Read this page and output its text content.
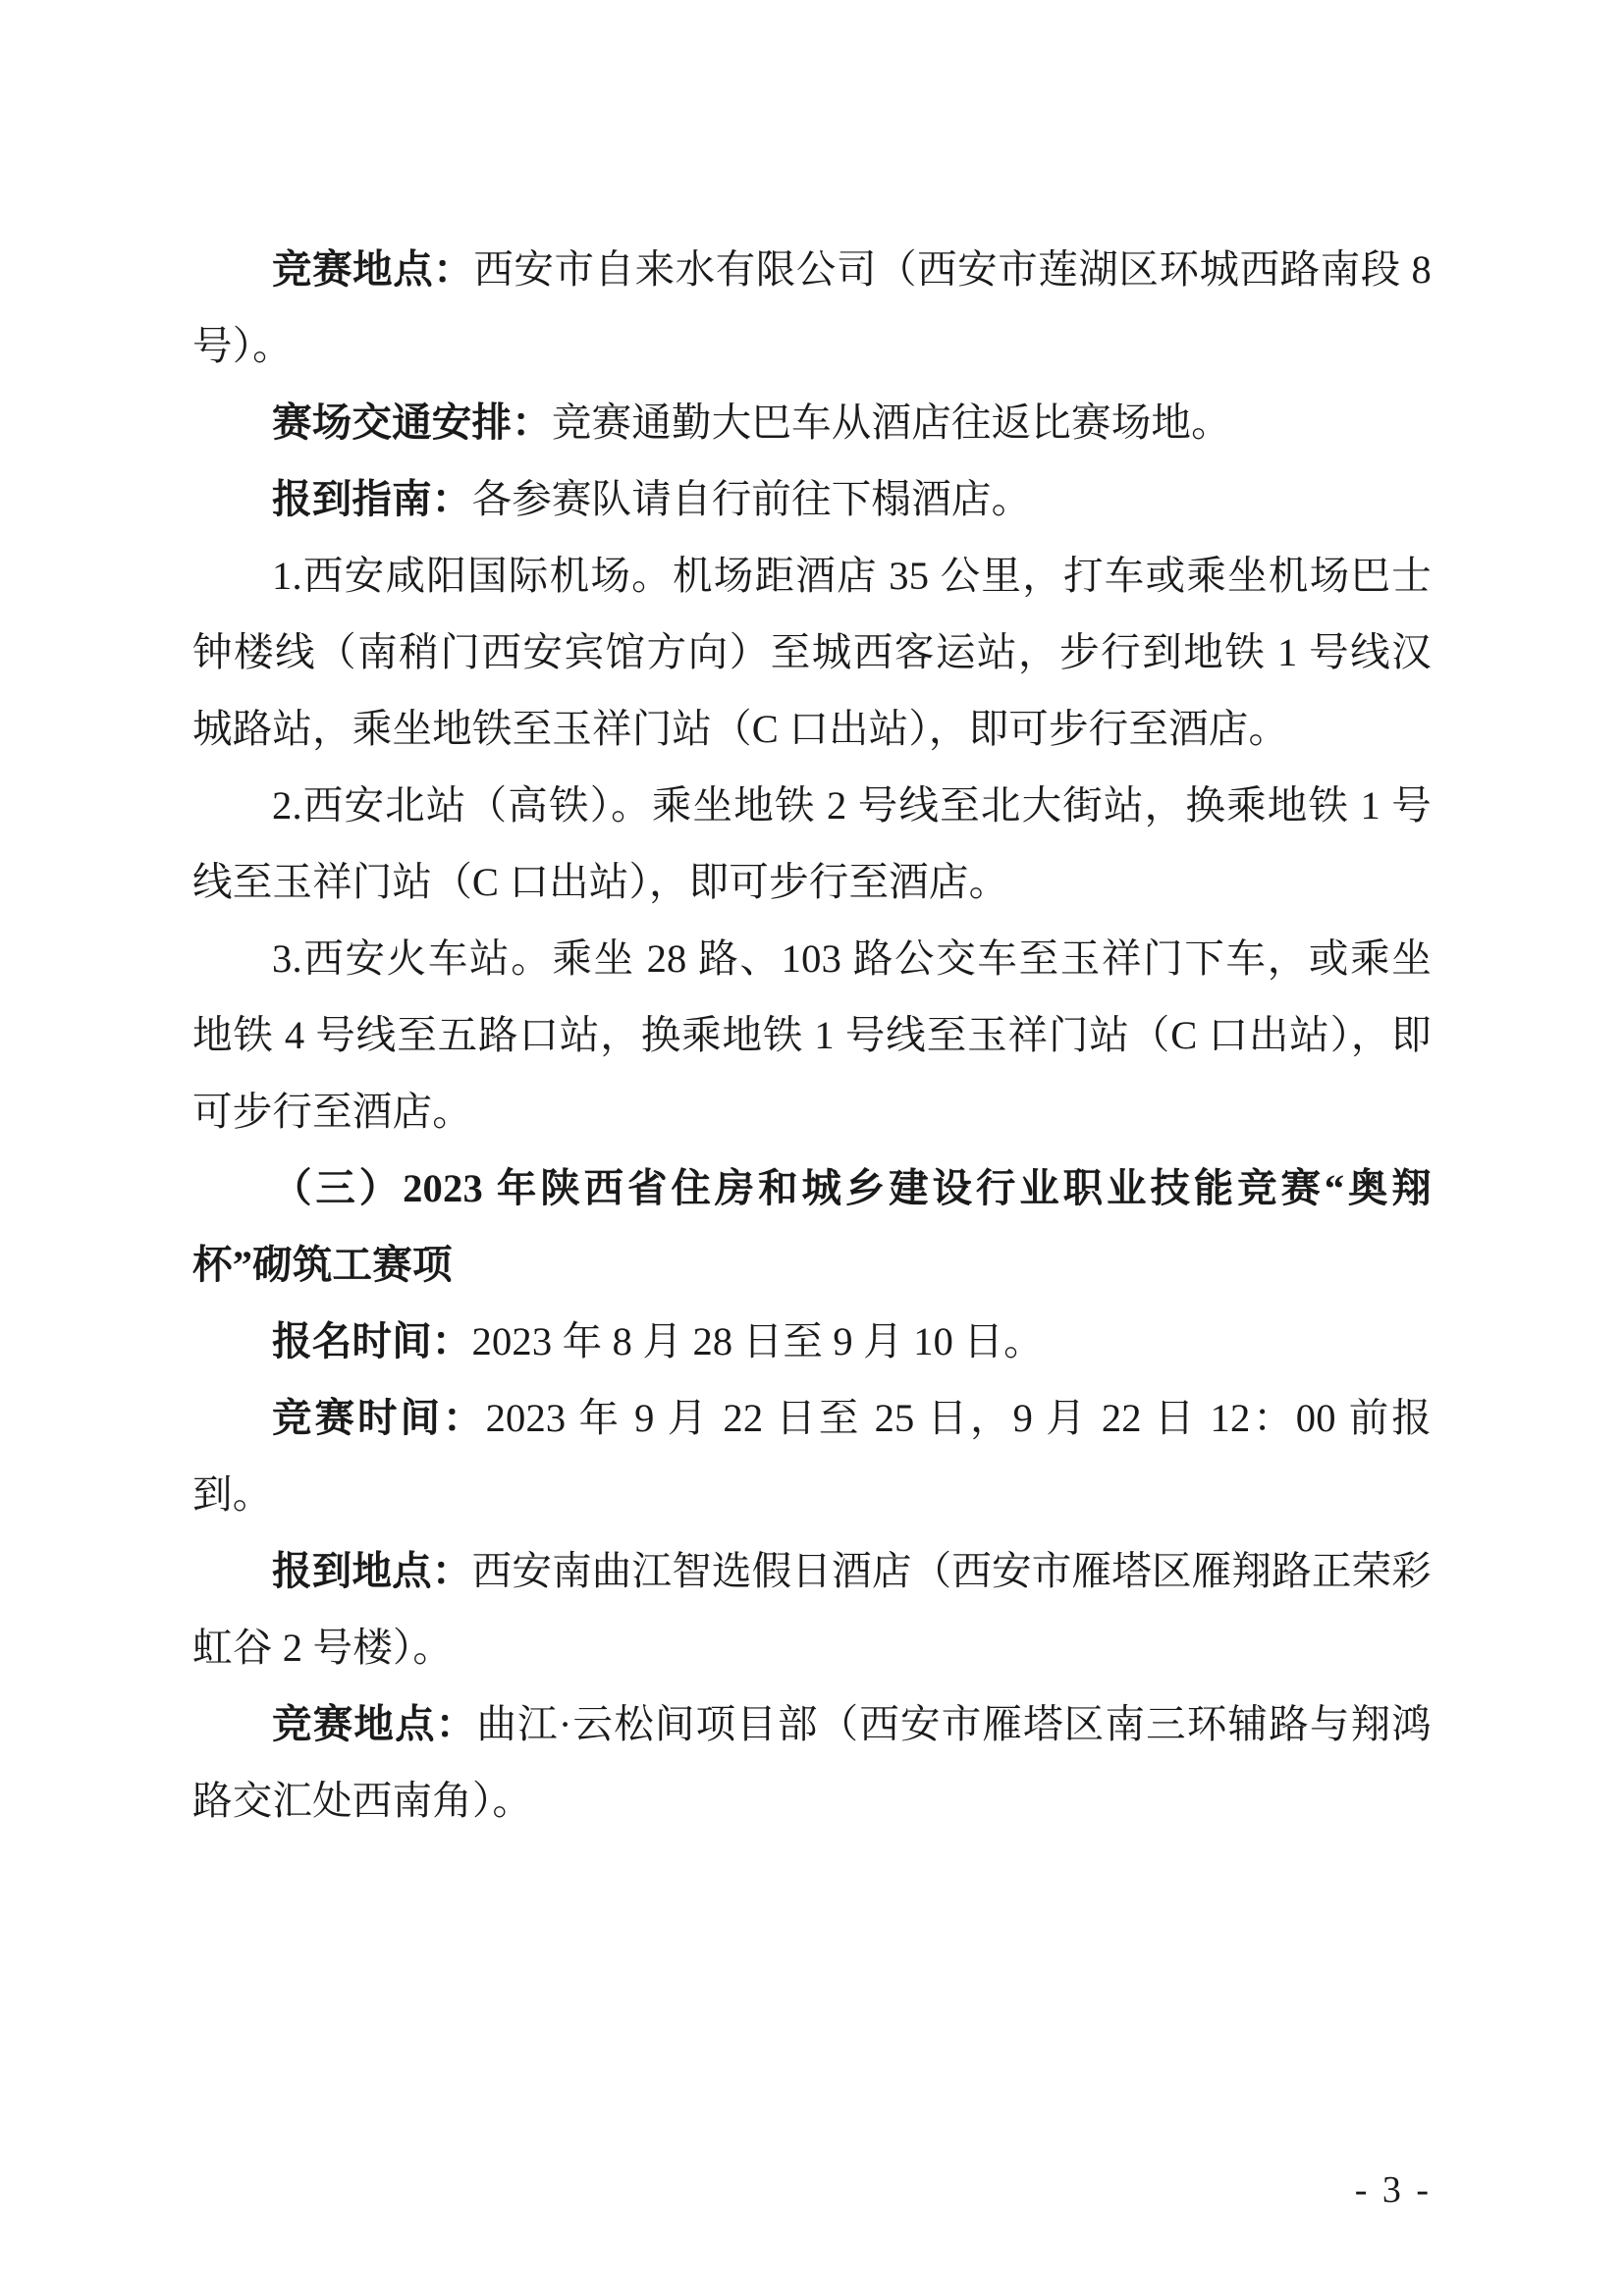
竞赛地点：西安市自来水有限公司（西安市莲湖区环城西路南段 8 号）。

赛场交通安排：竞赛通勤大巴车从酒店往返比赛场地。

报到指南：各参赛队请自行前往下榻酒店。

1.西安咸阳国际机场。机场距酒店 35 公里，打车或乘坐机场巴士钟楼线（南稍门西安宾馆方向）至城西客运站，步行到地铁 1 号线汉城路站，乘坐地铁至玉祥门站（C 口出站），即可步行至酒店。

2.西安北站（高铁）。乘坐地铁 2 号线至北大街站，换乘地铁 1 号线至玉祥门站（C 口出站），即可步行至酒店。

3.西安火车站。乘坐 28 路、103 路公交车至玉祥门下车，或乘坐地铁 4 号线至五路口站，换乘地铁 1 号线至玉祥门站（C 口出站），即可步行至酒店。

（三）2023 年陕西省住房和城乡建设行业职业技能竞赛“奥翔杯”砌筑工赛项

报名时间：2023 年 8 月 28 日至 9 月 10 日。

竞赛时间：2023 年 9 月 22 日至 25 日，9 月 22 日 12：00 前报到。

报到地点：西安南曲江智选假日酒店（西安市雁塔区雁翔路正荣彩虹谷 2 号楼）。

竞赛地点：曲江·云松间项目部（西安市雁塔区南三环辅路与翔鸿路交汇处西南角）。

- 3 -
